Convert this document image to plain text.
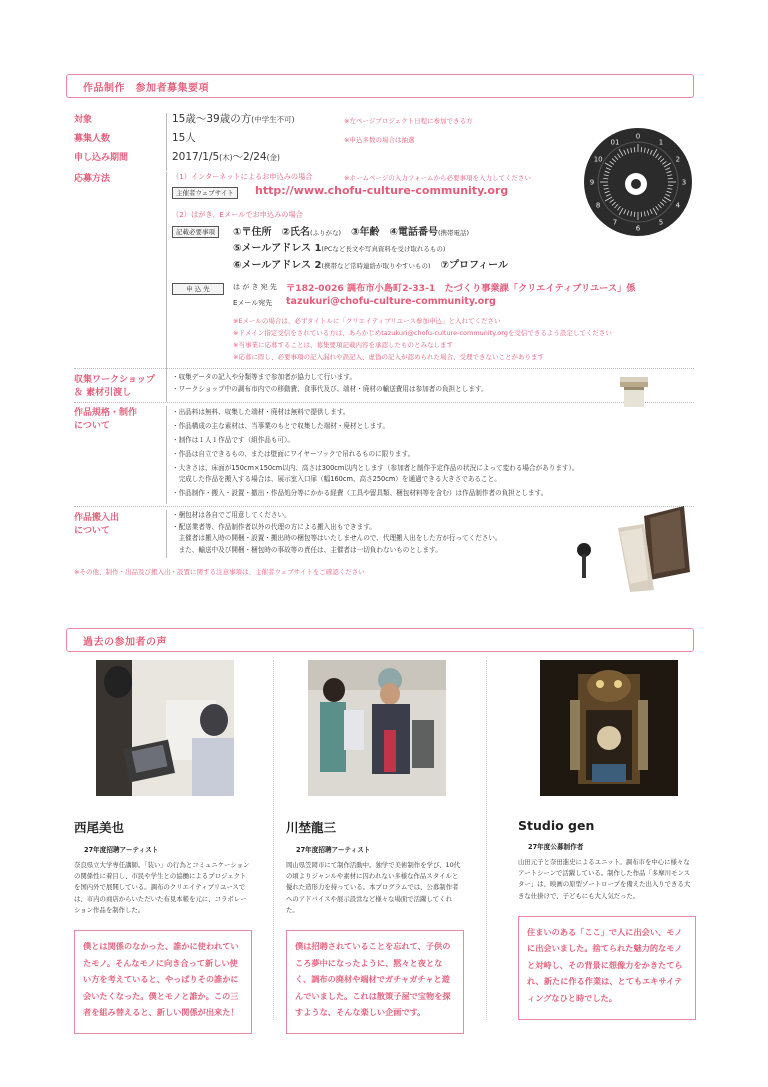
作品制作　参加者募集要項
対象	15歳～39歳の方(中学生不可)	※左ページプロジェクト日程に参加できる方
募集人数	15人	※申込多数の場合は抽選
申し込み期間	2017/1/5(木)～2/24(金)
応募方法	（1）インターネットによるお申込みの場合	※ホームページの入力フォームから必要事項を入力してください
主催者ウェブサイト	http://www.chofu-culture-community.org
（2）はがき、Eメールでお申込みの場合
記載必要事項	①〒住所　 ②氏名(ふりがな)　 ③年齢　 ④電話番号(携帯電話)
⑤メールアドレス 1(PCなど長文や写真資料を受け取れるもの)
⑥メールアドレス 2(携帯など常時連絡が取りやすいもの)　 ⑦プロフィール
申 込 先	は が き 宛 先 〒182-0026 調布市小島町2-33-1　たづくり事業課「クリエイティブリユース」係
Eメール宛先 tazukuri@chofu-culture-community.org
※Eメールの場合は、必ずタイトルに「クリエイティブリユース参加申込」と入れてください
※ドメイン指定受信をされている方は、あらかじめtazukuri@chofu-culture-community.orgを受信できるよう設定してください
※当事業に応募することは、募集要項記載内容を承認したものとみなします
※応募に際し、必要事項の記入漏れや誤記入、虚偽の記入が認められた場合、受理できないことがあります
収集ワークショップ
＆ 素材引渡し
・収集データの記入や分類等まで参加者が協力して行います。
・ワークショップ中の調布市内での移動費、食事代及び、端材・廃材の輸送費用は参加者の負担とします。
作品規格・制作
について
・出品料は無料、収集した端材・廃材は無料で提供します。
・作品構成の主な素材は、当事業のもとで収集した端材・廃材とします。
・制作は１人１作品です（組作品も可）。
・作品は自立できるもの、または壁面にワイヤーフックで吊れるものに限ります。
・大きさは、床面が150cm×150cm以内、高さは300cm以内とします（参加者と制作予定作品の状況によって変わる場合があります）。
　完成した作品を搬入する場合は、展示室入口扉（幅160cm、高さ250cm）を通過できる大きさであること。
・作品制作・搬入・設置・撤出・作品処分等にかかる経費（工具や留具類、梱包材料等を含む）は作品制作者の負担とします。
作品搬入出
について
・梱包材は各自でご用意してください。
・配送業者等、作品制作者以外の代理の方による搬入出もできます。
　主催者は搬入時の開梱・設置・搬出時の梱包等はいたしませんので、代理搬入出をした方が行ってください。
　また、輸送中及び開梱・梱包時の事故等の責任は、主催者は一切負わないものとします。
※その他、制作・出品及び搬入出・設置に関する注意事項は、主催者ウェブサイトをご確認ください
0
1
2
3
4
5
6
7
8
9
10
01
過去の参加者の声
西尾美也
27年度招聘アーティスト
奈良県立大学専任講師。「装い」の行為とコミュニケーションの関係性に着目し、市民や学生との協働によるプロジェクトを国内外で展開している。調布のクリエイティブリユースでは、市内の商店からいただいた布見本帳を元に、コラボレーション作品を制作した。
僕とは関係のなかった、誰かに使われていたモノ。そんなモノに向き合って新しい使い方を考えていると、やっぱりその誰かに会いたくなった。僕とモノと誰か。この三者を組み替えると、新しい関係が出来た！
川埜龍三
27年度招聘アーティスト
岡山県笠岡市にて制作活動中。独学で美術制作を学び、10代の頃よりジャンルや素材に囚われない多様な作品スタイルと優れた造形力を持っている。本プログラムでは、公募制作者へのアドバイスや展示設営など様々な場面で活躍してくれた。
僕は招聘されていることを忘れて、子供のころ夢中になったように、黙々と夜となく、調布の廃材や端材でガチャガチャと遊んでいました。これは散策子屋で宝物を探すような、そんな楽しい企画です。
Studio gen
27年度公募制作者
山田元子と奈田進史によるユニット。調布市を中心に様々なアートシーンで活躍している。制作した作品「多摩川モンスター」は、映画の原型ゾートロープを備えた出入りできる大きな仕掛けで、子どもにも大人気だった。
住まいのある「ここ」で人に出会い、モノに出会いました。捨てられた魅力的なモノと対峙し、その背景に想像力をかきたてられ、新たに作る作業は、とてもエキサイティングなひと時でした。
